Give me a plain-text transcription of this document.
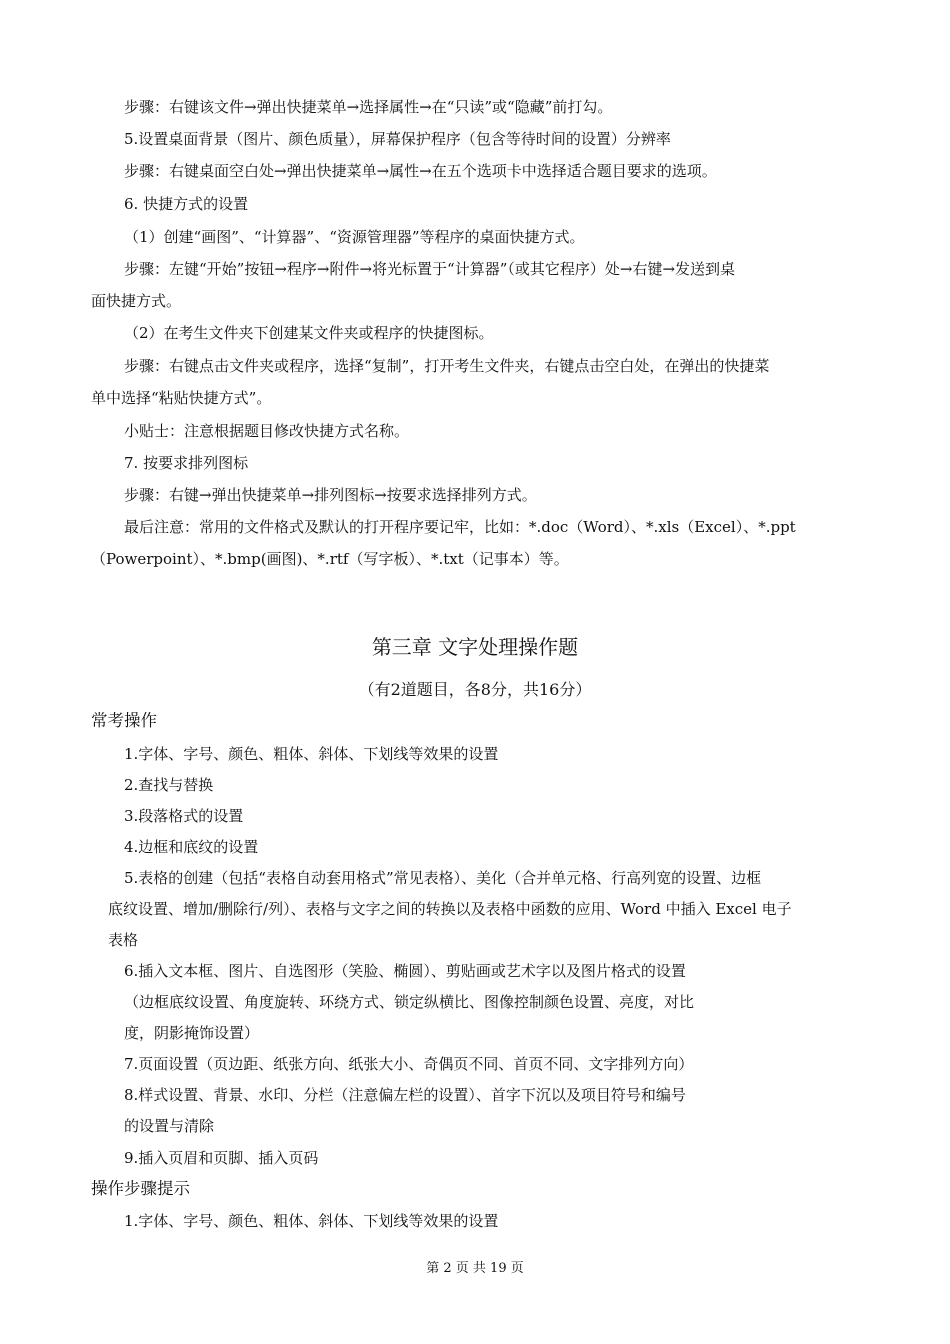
步骤：右键该文件→弹出快捷菜单→选择属性→在“只读”或“隐藏”前打勾。
5.设置桌面背景（图片、颜色质量），屏幕保护程序（包含等待时间的设置）分辨率
步骤：右键桌面空白处→弹出快捷菜单→属性→在五个选项卡中选择适合题目要求的选项。
6. 快捷方式的设置
（1）创建“画图”、“计算器”、“资源管理器”等程序的桌面快捷方式。
步骤：左键“开始”按钮→程序→附件→将光标置于“计算器”（或其它程序）处→右键→发送到桌
面快捷方式。
（2）在考生文件夹下创建某文件夹或程序的快捷图标。
步骤：右键点击文件夹或程序，选择“复制”，打开考生文件夹，右键点击空白处，在弹出的快捷菜
单中选择“粘贴快捷方式”。
小贴士：注意根据题目修改快捷方式名称。
7. 按要求排列图标
步骤：右键→弹出快捷菜单→排列图标→按要求选择排列方式。
最后注意：常用的文件格式及默认的打开程序要记牢，比如：*.doc（Word）、*.xls（Excel）、*.ppt
（Powerpoint）、*.bmp(画图)、*.rtf（写字板）、*.txt（记事本）等。
第三章 文字处理操作题
（有2道题目，各8分，共16分）
常考操作
1.字体、字号、颜色、粗体、斜体、下划线等效果的设置
2.查找与替换
3.段落格式的设置
4.边框和底纹的设置
5.表格的创建（包括“表格自动套用格式”常见表格）、美化（合并单元格、行高列宽的设置、边框
底纹设置、增加/删除行/列）、表格与文字之间的转换以及表格中函数的应用、Word 中插入 Excel 电子
表格
6.插入文本框、图片、自选图形（笑脸、椭圆）、剪贴画或艺术字以及图片格式的设置
（边框底纹设置、角度旋转、环绕方式、锁定纵横比、图像控制颜色设置、亮度，对比
度，阴影掩饰设置）
7.页面设置（页边距、纸张方向、纸张大小、奇偶页不同、首页不同、文字排列方向）
8.样式设置、背景、水印、分栏（注意偏左栏的设置）、首字下沉以及项目符号和编号
的设置与清除
9.插入页眉和页脚、插入页码
操作步骤提示
1.字体、字号、颜色、粗体、斜体、下划线等效果的设置
第 2 页 共 19 页
